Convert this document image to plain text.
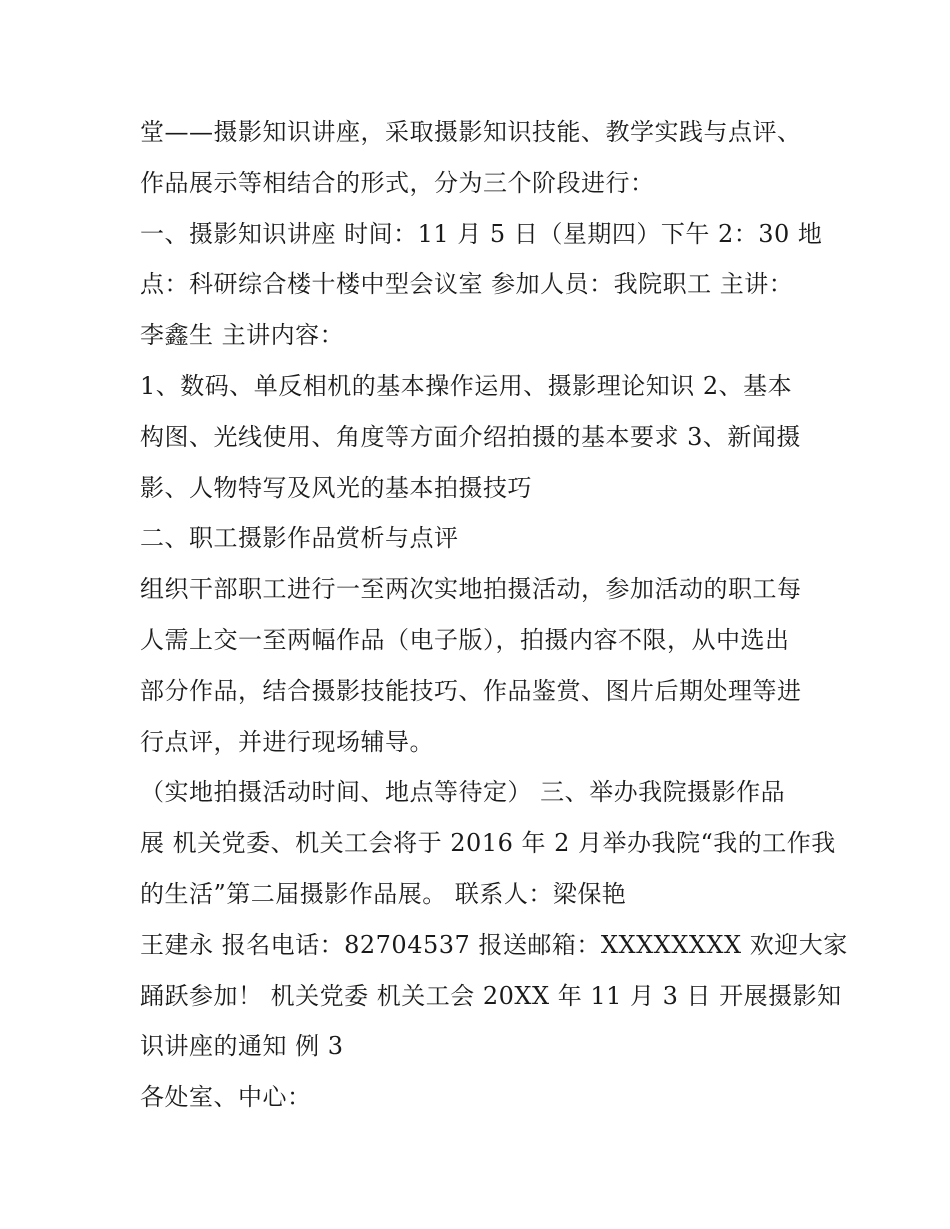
堂——摄影知识讲座，采取摄影知识技能、教学实践与点评、
作品展示等相结合的形式，分为三个阶段进行：
一、摄影知识讲座 时间：11 月 5 日（星期四）下午 2：30 地
点：科研综合楼十楼中型会议室 参加人员：我院职工 主讲：
李鑫生 主讲内容：
1、数码、单反相机的基本操作运用、摄影理论知识 2、基本
构图、光线使用、角度等方面介绍拍摄的基本要求 3、新闻摄
影、人物特写及风光的基本拍摄技巧
二、职工摄影作品赏析与点评
组织干部职工进行一至两次实地拍摄活动，参加活动的职工每
人需上交一至两幅作品（电子版），拍摄内容不限，从中选出
部分作品，结合摄影技能技巧、作品鉴赏、图片后期处理等进
行点评，并进行现场辅导。
（实地拍摄活动时间、地点等待定） 三、举办我院摄影作品
展 机关党委、机关工会将于 2016 年 2 月举办我院“我的工作我
的生活”第二届摄影作品展。 联系人：梁保艳
王建永 报名电话：82704537 报送邮箱：XXXXXXXX 欢迎大家
踊跃参加！ 机关党委 机关工会 20XX 年 11 月 3 日 开展摄影知
识讲座的通知 例 3
各处室、中心：
